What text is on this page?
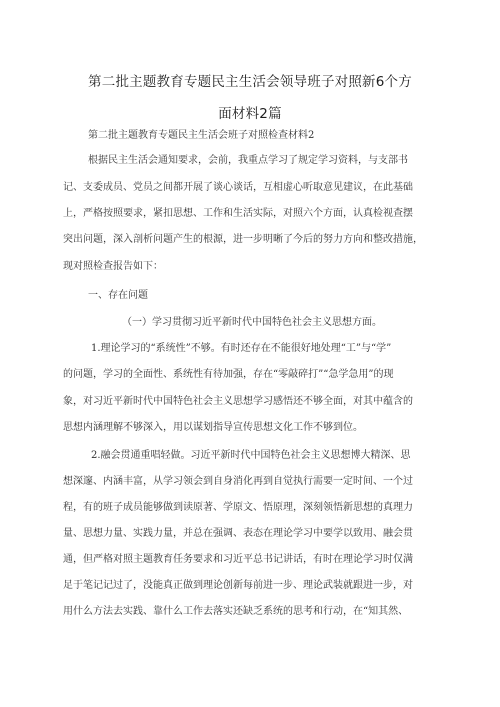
第二批主题教育专题民主生活会领导班子对照新6个方
面材料2篇
第二批主题教育专题民主生活会班子对照检查材料2
根据民主生活会通知要求，会前，我重点学习了规定学习资料，与支部书
记、支委成员、党员之间都开展了谈心谈话，互相虚心听取意见建议，在此基础
上，严格按照要求，紧扣思想、工作和生活实际，对照六个方面，认真检视查摆
突出问题，深入剖析问题产生的根源，进一步明晰了今后的努力方向和整改措施，
现对照检查报告如下：
一、存在问题
（一）学习贯彻习近平新时代中国特色社会主义思想方面。
1.理论学习的“系统性”不够。有时还存在不能很好地处理“工”与“学”
的问题，学习的全面性、系统性有待加强，存在“零敲碎打”“急学急用”的现
象，对习近平新时代中国特色社会主义思想学习感悟还不够全面，对其中蕴含的
思想内涵理解不够深入，用以谋划指导宣传思想文化工作不够到位。
2.融会贯通重唱轻做。习近平新时代中国特色社会主义思想博大精深、思
想深邃、内涵丰富，从学习领会到自身消化再到自觉执行需要一定时间、一个过
程，有的班子成员能够做到读原著、学原文、悟原理，深刻领悟新思想的真理力
量、思想力量、实践力量，并总在强调、表态在理论学习中要学以致用、融会贯
通，但严格对照主题教育任务要求和习近平总书记讲话，有时在理论学习时仅满
足于笔记记过了，没能真正做到理论创新每前进一步、理论武装就跟进一步，对
用什么方法去实践、靠什么工作去落实还缺乏系统的思考和行动，在“知其然、
